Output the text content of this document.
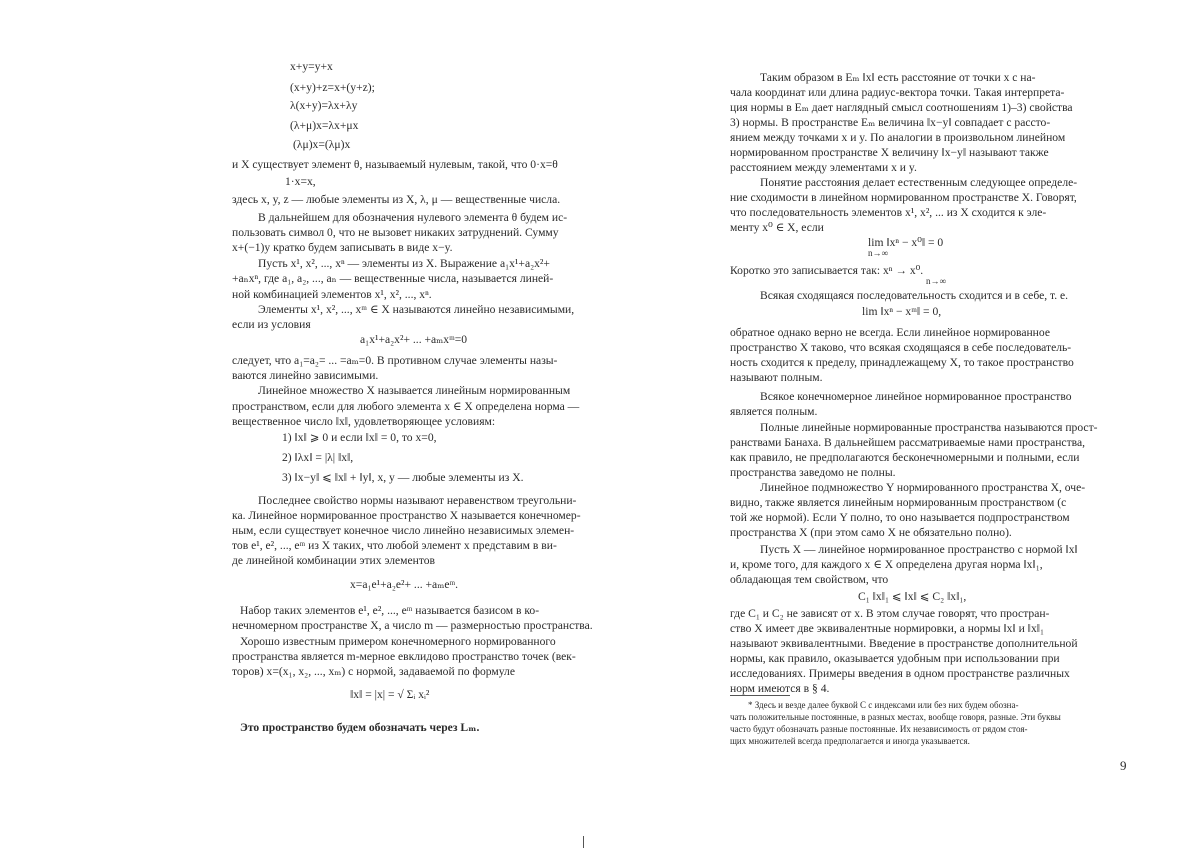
x+y=y+x
(x+y)+z=x+(y+z);
λ(x+y)=λx+λy
(λ+μ)x=λx+μx
(λμ)x=(λμ)x
и X существует элемент θ, называемый нулевым, такой, что 0·x=θ
1·x=x,
здесь x, y, z — любые элементы из X, λ, μ — вещественные числа.
В дальнейшем для обозначения нулевого элемента θ будем ис-
пользовать символ 0, что не вызовет никаких затруднений. Сумму
x+(−1)y кратко будем записывать в виде x−y.
Пусть x¹, x², ..., xⁿ — элементы из X. Выражение a₁x¹+a₂x²+
+aₙxⁿ, где a₁, a₂, ..., aₙ — вещественные числа, называется линей-
ной комбинацией элементов x¹, x², ..., xⁿ.
Элементы x¹, x², ..., xᵐ ∈ X называются линейно независимыми,
если из условия
a₁x¹+a₂x²+ ... +aₘxᵐ=0
следует, что a₁=a₂= ... =aₘ=0. В противном случае элементы назы-
ваются линейно зависимыми.
Линейное множество X называется линейным нормированным
пространством, если для любого элемента x ∈ X определена норма —
вещественное число ‖x‖, удовлетворяющее условиям:
1) ‖x‖ ⩾ 0 и если ‖x‖ = 0, то x=0,
2) ‖λx‖ = |λ| ‖x‖,
3) ‖x−y‖ ⩽ ‖x‖ + ‖y‖, x, y — любые элементы из X.
Последнее свойство нормы называют неравенством треугольни-
ка. Линейное нормированное пространство X называется конечномер-
ным, если существует конечное число линейно независимых элемен-
тов e¹, e², ..., eᵐ из X таких, что любой элемент x представим в ви-
де линейной комбинации этих элементов
x=a₁e¹+a₂e²+ ... +aₘeᵐ.
Набор таких элементов e¹, e², ..., eᵐ называется базисом в ко-
нечномерном пространстве X, а число m — размерностью пространства.
Хорошо известным примером конечномерного нормированного
пространства является m-мерное евклидово пространство точек (век-
торов) x=(x₁, x₂, ..., xₘ) с нормой, задаваемой по формуле
‖x‖ = |x| = √ Σᵢ xᵢ²
Это пространство будем обозначать через Lₘ.
Таким образом в Eₘ ‖x‖ есть расстояние от точки x с на-
чала координат или длина радиус-вектора точки. Такая интерпрета-
ция нормы в Eₘ дает наглядный смысл соотношениям 1)–3) свойства
3) нормы. В пространстве Eₘ величина ‖x−y‖ совпадает с рассто-
янием между точками x и y. По аналогии в произвольном линейном
нормированном пространстве X величину ‖x−y‖ называют также
расстоянием между элементами x и y.
Понятие расстояния делает естественным следующее определе-
ние сходимости в линейном нормированном пространстве X. Говорят,
что последовательность элементов x¹, x², ... из X сходится к эле-
менту x⁰ ∈ X, если
lim ‖xⁿ − x⁰‖ = 0
n→∞
Коротко это записывается так: xⁿ → x⁰.
n→∞
Всякая сходящаяся последовательность сходится и в себе, т. е.
lim ‖xⁿ − xᵐ‖ = 0,
обратное однако верно не всегда. Если линейное нормированное
пространство X таково, что всякая сходящаяся в себе последователь-
ность сходится к пределу, принадлежащему X, то такое пространство
называют полным.
Всякое конечномерное линейное нормированное пространство
является полным.
Полные линейные нормированные пространства называются прост-
ранствами Банаха. В дальнейшем рассматриваемые нами пространства,
как правило, не предполагаются бесконечномерными и полными, если
пространства заведомо не полны.
Линейное подмножество Y нормированного пространства X, оче-
видно, также является линейным нормированным пространством (с
той же нормой). Если Y полно, то оно называется подпространством
пространства X (при этом само X не обязательно полно).
Пусть X — линейное нормированное пространство с нормой ‖x‖
и, кроме того, для каждого x ∈ X определена другая норма ‖x‖₁,
обладающая тем свойством, что
C₁ ‖x‖₁ ⩽ ‖x‖ ⩽ C₂ ‖x‖₁,
где C₁ и C₂ не зависят от x. В этом случае говорят, что простран-
ство X имеет две эквивалентные нормировки, а нормы ‖x‖ и ‖x‖₁
называют эквивалентными. Введение в пространстве дополнительной
нормы, как правило, оказывается удобным при использовании при
исследованиях. Примеры введения в одном пространстве различных
норм имеются в § 4.
* Здесь и везде далее буквой C с индексами или без них будем обозна-
чать положительные постоянные, в разных местах, вообще говоря, разные. Эти буквы
часто будут обозначать разные постоянные. Их независимость от рядом стоя-
щих множителей всегда предполагается и иногда указывается.
9
